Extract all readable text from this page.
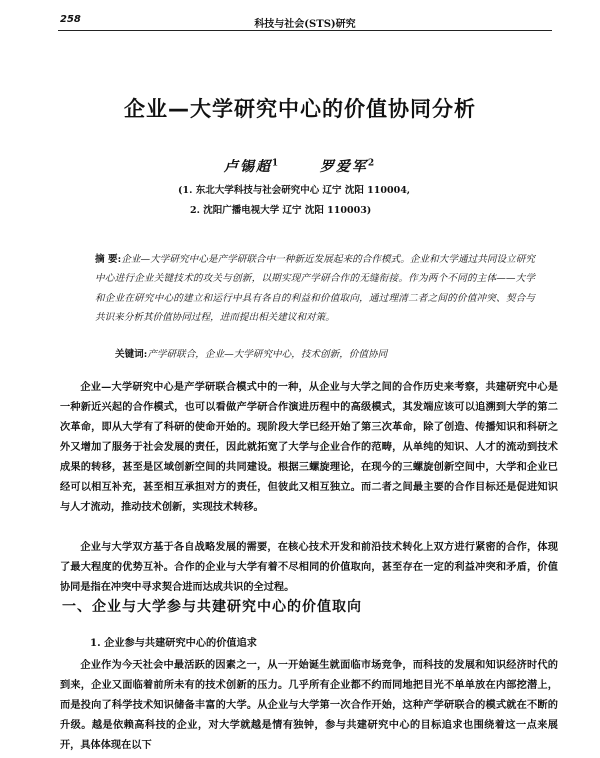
258	科技与社会(STS)研究
企业—大学研究中心的价值协同分析
卢锡超$^1$	罗爱军$^2$
(1. 东北大学科技与社会研究中心 辽宁 沈阳 110004,
2. 沈阳广播电视大学 辽宁 沈阳 110003)
摘 要:企业—大学研究中心是产学研联合中一种新近发展起来的合作模式。企业和大学通过共同设立研究中心进行企业关键技术的攻关与创新，以期实现产学研合作的无缝衔接。作为两个不同的主体——大学和企业在研究中心的建立和运行中具有各自的利益和价值取向，通过理清二者之间的价值冲突、契合与共识来分析其价值协同过程，进而提出相关建议和对策。
关键词:产学研联合，企业—大学研究中心，技术创新，价值协同
企业—大学研究中心是产学研联合模式中的一种，从企业与大学之间的合作历史来考察，共建研究中心是一种新近兴起的合作模式，也可以看做产学研合作演进历程中的高级模式，其发端应该可以追溯到大学的第二次革命，即从大学有了科研的使命开始的。现阶段大学已经开始了第三次革命，除了创造、传播知识和科研之外又增加了服务于社会发展的责任，因此就拓宽了大学与企业合作的范畴，从单纯的知识、人才的流动到技术成果的转移，甚至是区域创新空间的共同建设。根据三螺旋理论，在现今的三螺旋创新空间中，大学和企业已经可以相互补充，甚至相互承担对方的责任，但彼此又相互独立。而二者之间最主要的合作目标还是促进知识与人才流动，推动技术创新，实现技术转移。
企业与大学双方基于各自战略发展的需要，在核心技术开发和前沿技术转化上双方进行紧密的合作，体现了最大程度的优势互补。合作的企业与大学有着不尽相同的价值取向，甚至存在一定的利益冲突和矛盾，价值协同是指在冲突中寻求契合进而达成共识的全过程。
一、企业与大学参与共建研究中心的价值取向
1. 企业参与共建研究中心的价值追求
企业作为今天社会中最活跃的因素之一，从一开始诞生就面临市场竞争，而科技的发展和知识经济时代的到来，企业又面临着前所未有的技术创新的压力。几乎所有企业都不约而同地把目光不单单放在内部挖潜上，而是投向了科学技术知识储备丰富的大学。从企业与大学第一次合作开始，这种产学研联合的模式就在不断的升级。越是依赖高科技的企业，对大学就越是情有独钟，参与共建研究中心的目标追求也围绕着这一点来展开，具体体现在以下
